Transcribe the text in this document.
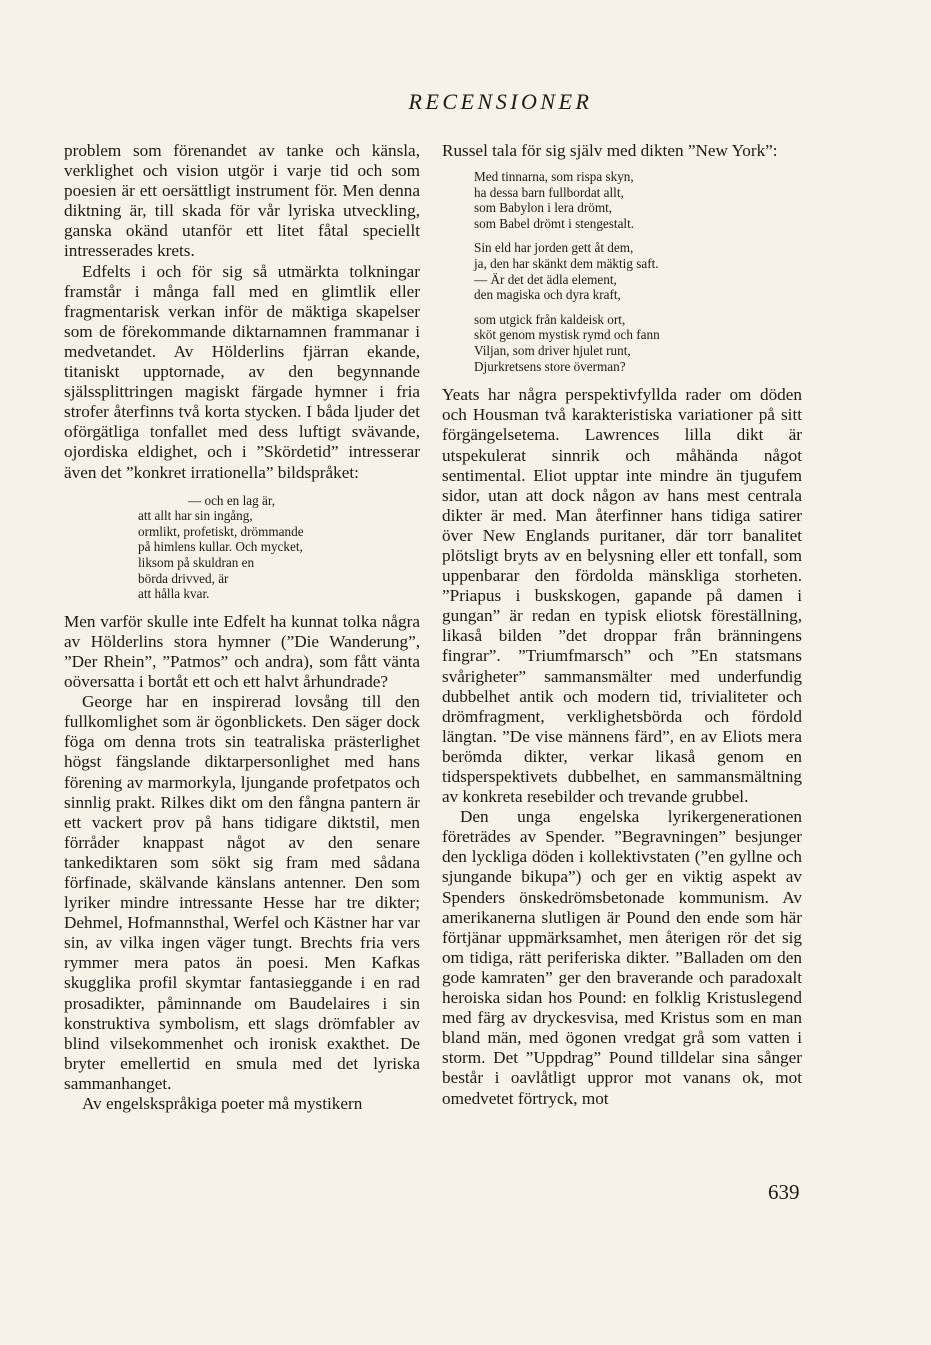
RECENSIONER

problem som förenandet av tanke och känsla, verklighet och vision utgör i varje tid och som poesien är ett oersättligt instrument för. Men denna diktning är, till skada för vår lyriska utveckling, ganska okänd utanför ett litet fåtal speciellt intresserades krets.

Edfelts i och för sig så utmärkta tolkningar framstår i många fall med en glimtlik eller fragmentarisk verkan inför de mäktiga skapelser som de förekommande diktarnamnen frammanar i medvetandet. Av Hölderlins fjärran ekande, titaniskt upptornade, av den begynnande själssplittringen magiskt färgade hymner i fria strofer återfinns två korta stycken. I båda ljuder det oförgätliga tonfallet med dess luftigt svävande, ojordiska eldighet, och i ”Skördetid” intresserar även det ”konkret irrationella” bildspråket:

— och en lag är,
att allt har sin ingång,
ormlikt, profetiskt, drömmande
på himlens kullar. Och mycket,
liksom på skuldran en
börda drivved, är
att hålla kvar.

Men varför skulle inte Edfelt ha kunnat tolka några av Hölderlins stora hymner (”Die Wanderung”, ”Der Rhein”, ”Patmos” och andra), som fått vänta oöversatta i bortåt ett och ett halvt århundrade?

George har en inspirerad lovsång till den fullkomlighet som är ögonblickets. Den säger dock föga om denna trots sin teatraliska prästerlighet högst fängslande diktarpersonlighet med hans förening av marmorkyla, ljungande profetpatos och sinnlig prakt. Rilkes dikt om den fångna pantern är ett vackert prov på hans tidigare diktstil, men förråder knappast något av den senare tankediktaren som sökt sig fram med sådana förfinade, skälvande känslans antenner. Den som lyriker mindre intressante Hesse har tre dikter; Dehmel, Hofmannsthal, Werfel och Kästner har var sin, av vilka ingen väger tungt. Brechts fria vers rymmer mera patos än poesi. Men Kafkas skugglika profil skymtar fantasieggande i en rad prosadikter, påminnande om Baudelaires i sin konstruktiva symbolism, ett slags drömfabler av blind vilsekommenhet och ironisk exakthet. De bryter emellertid en smula med det lyriska sammanhanget.

Av engelskspråkiga poeter må mystikern

Russel tala för sig själv med dikten ”New York”:

Med tinnarna, som rispa skyn,
ha dessa barn fullbordat allt,
som Babylon i lera drömt,
som Babel drömt i stengestalt.
Sin eld har jorden gett åt dem,
ja, den har skänkt dem mäktig saft.
— Är det det ädla element,
den magiska och dyra kraft,
som utgick från kaldeisk ort,
sköt genom mystisk rymd och fann
Viljan, som driver hjulet runt,
Djurkretsens store överman?

Yeats har några perspektivfyllda rader om döden och Housman två karakteristiska variationer på sitt förgängelsetema. Lawrences lilla dikt är utspekulerat sinnrik och måhända något sentimental. Eliot upptar inte mindre än tjugufem sidor, utan att dock någon av hans mest centrala dikter är med. Man återfinner hans tidiga satirer över New Englands puritaner, där torr banalitet plötsligt bryts av en belysning eller ett tonfall, som uppenbarar den fördolda mänskliga storheten. ”Priapus i buskskogen, gapande på damen i gungan” är redan en typisk eliotsk föreställning, likaså bilden ”det droppar från bränningens fingrar”. ”Triumfmarsch” och ”En statsmans svårigheter” sammansmälter med underfundig dubbelhet antik och modern tid, trivialiteter och drömfragment, verklighetsbörda och fördold längtan. ”De vise männens färd”, en av Eliots mera berömda dikter, verkar likaså genom en tidsperspektivets dubbelhet, en sammansmältning av konkreta resebilder och trevande grubbel.

Den unga engelska lyrikergenerationen företrädes av Spender. ”Begravningen” besjunger den lyckliga döden i kollektivstaten (”en gyllne och sjungande bikupa”) och ger en viktig aspekt av Spenders önskedrömsbetonade kommunism. Av amerikanerna slutligen är Pound den ende som här förtjänar uppmärksamhet, men återigen rör det sig om tidiga, rätt periferiska dikter. ”Balladen om den gode kamraten” ger den braverande och paradoxalt heroiska sidan hos Pound: en folklig Kristuslegend med färg av dryckesvisa, med Kristus som en man bland män, med ögonen vredgat grå som vatten i storm. Det ”Uppdrag” Pound tilldelar sina sånger består i oavlåtligt uppror mot vanans ok, mot omedvetet förtryck, mot

639
